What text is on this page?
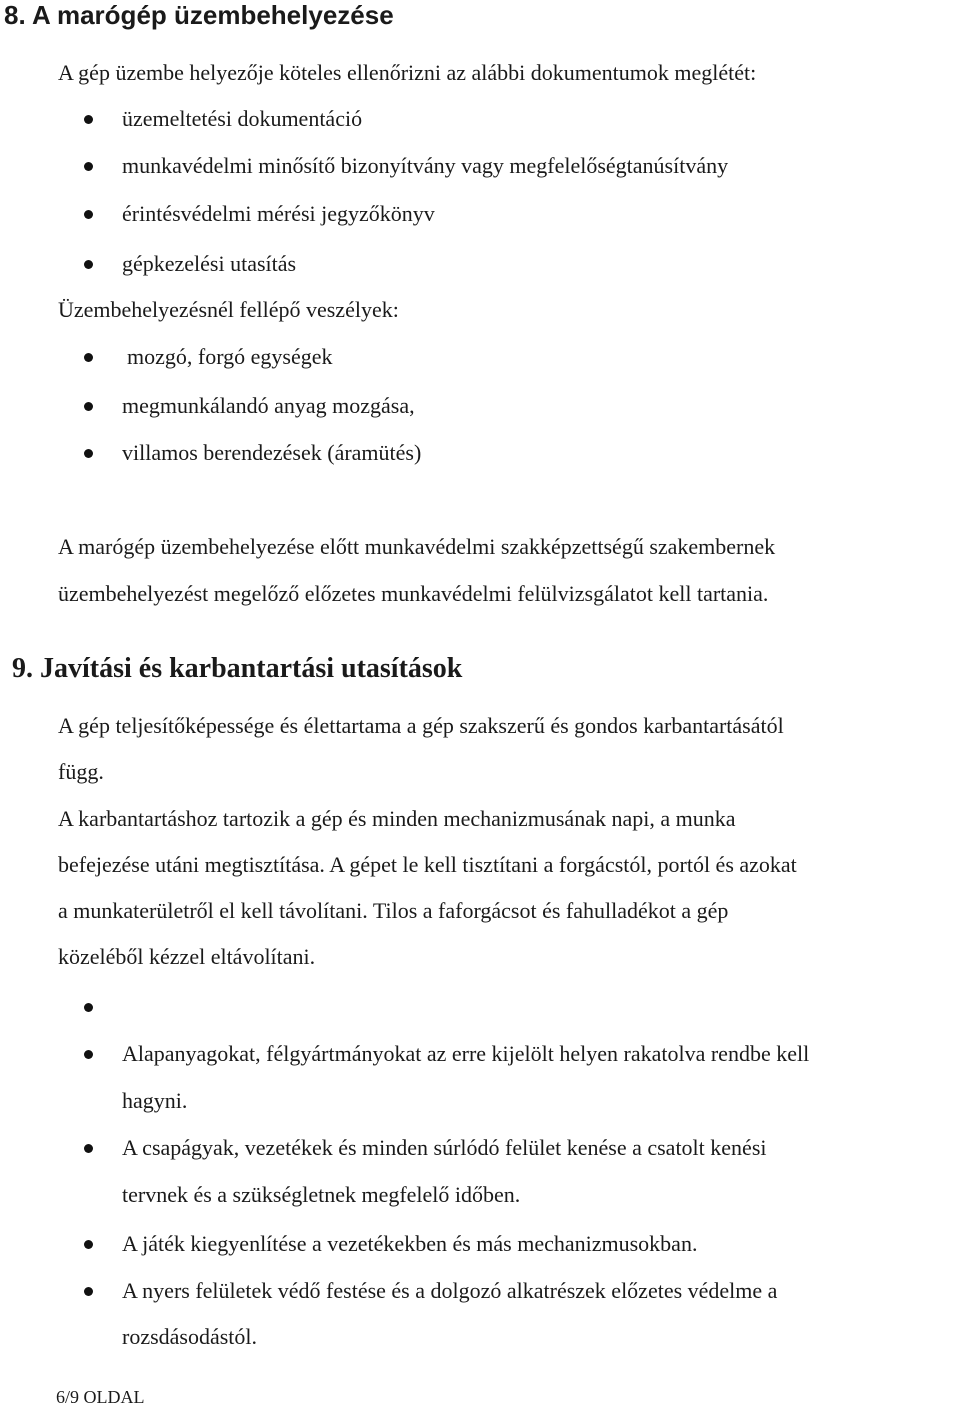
8. A marógép üzembehelyezése

A gép üzembe helyezője köteles ellenőrizni az alábbi dokumentumok meglétét:

üzemeltetési dokumentáció

munkavédelmi minősítő bizonyítvány vagy megfelelőségtanúsítvány

érintésvédelmi mérési jegyzőkönyv

gépkezelési utasítás

Üzembehelyezésnél fellépő veszélyek:

mozgó, forgó egységek

megmunkálandó anyag mozgása,

villamos berendezések (áramütés)

A marógép üzembehelyezése előtt munkavédelmi szakképzettségű szakembernek

üzembehelyezést megelőző előzetes munkavédelmi felülvizsgálatot kell tartania.

9. Javítási és karbantartási utasítások

A gép teljesítőképessége és élettartama a gép szakszerű és gondos karbantartásától

függ.

A karbantartáshoz tartozik a gép és minden mechanizmusának napi, a munka

befejezése utáni megtisztítása. A gépet le kell tisztítani a forgácstól, portól és azokat

a munkaterületről el kell távolítani. Tilos a faforgácsot és fahulladékot a gép

közeléből kézzel eltávolítani.

Alapanyagokat, félgyártmányokat az erre kijelölt helyen rakatolva rendbe kell

hagyni.

A csapágyak, vezetékek és minden súrlódó felület kenése a csatolt kenési

tervnek és a szükségletnek megfelelő időben.

A játék kiegyenlítése a vezetékekben és más mechanizmusokban.

A nyers felületek védő festése és a dolgozó alkatrészek előzetes védelme a

rozsdásodástól.

6/9 OLDAL
